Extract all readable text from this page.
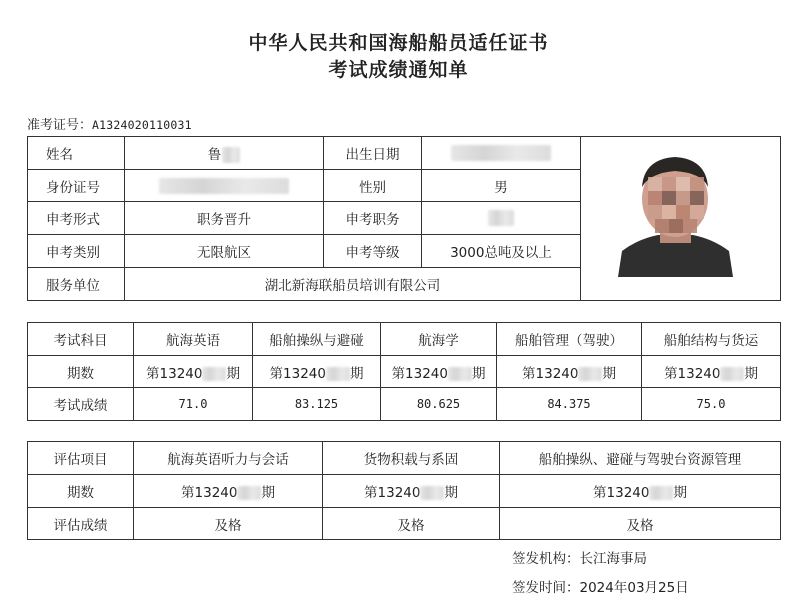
中华人民共和国海船船员适任证书
考试成绩通知单
准考证号：A1324020110031
姓名	鲁	出生日期		

身份证号		性别	男	
申考形式	职务晋升	申考职务		
申考类别	无限航区	申考等级	3000总吨及以上	
服务单位	湖北新海联船员培训有限公司			
考试科目	航海英语	船舶操纵与避碰	航海学	船舶管理（驾驶）	船舶结构与货运
期数	第13240 期	第13240 期	第13240 期	第13240 期	第13240 期
考试成绩	71.0	83.125	80.625	84.375	75.0
评估项目	航海英语听力与会话	货物积载与系固	船舶操纵、避碰与驾驶台资源管理
期数	第13240 期	第13240 期	第13240 期
评估成绩	及格	及格	及格
签发机构：长江海事局
签发时间：2024年03月25日
